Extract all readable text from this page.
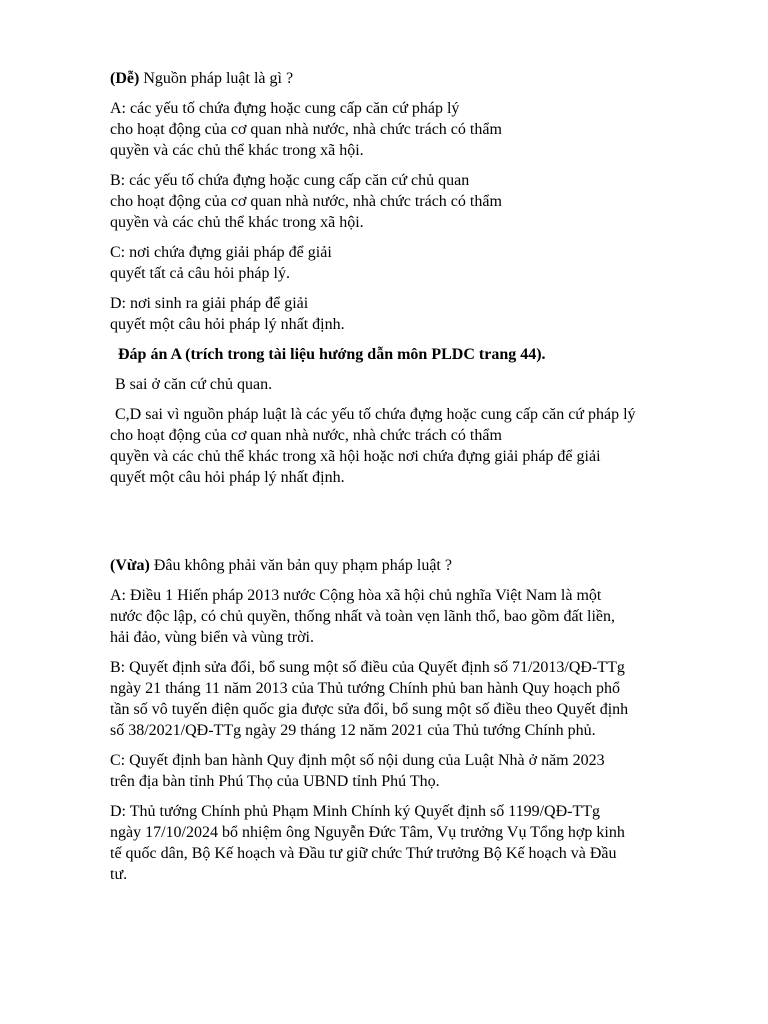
(Dễ) Nguồn pháp luật là gì ?

A: các yếu tố chứa đựng hoặc cung cấp căn cứ pháp lý
cho hoạt động của cơ quan nhà nước, nhà chức trách có thẩm
quyền và các chủ thể khác trong xã hội.

B: các yếu tố chứa đựng hoặc cung cấp căn cứ chủ quan
cho hoạt động của cơ quan nhà nước, nhà chức trách có thẩm
quyền và các chủ thể khác trong xã hội.

C: nơi chứa đựng giải pháp để giải
quyết tất cả câu hỏi pháp lý.

D: nơi sinh ra giải pháp để giải
quyết một câu hỏi pháp lý nhất định.

Đáp án A (trích trong tài liệu hướng dẫn môn PLDC trang 44).

B sai ở căn cứ chủ quan.

C,D sai vì nguồn pháp luật là các yếu tố chứa đựng hoặc cung cấp căn cứ pháp lý

cho hoạt động của cơ quan nhà nước, nhà chức trách có thẩm
quyền và các chủ thể khác trong xã hội hoặc nơi chứa đựng giải pháp để giải
quyết một câu hỏi pháp lý nhất định.

(Vừa) Đâu không phải văn bản quy phạm pháp luật ?

A: Điều 1 Hiến pháp 2013 nước Cộng hòa xã hội chủ nghĩa Việt Nam là một
nước độc lập, có chủ quyền, thống nhất và toàn vẹn lãnh thổ, bao gồm đất liền,
hải đảo, vùng biển và vùng trời.

B: Quyết định sửa đổi, bổ sung một số điều của Quyết định số 71/2013/QĐ-TTg
ngày 21 tháng 11 năm 2013 của Thủ tướng Chính phủ ban hành Quy hoạch phổ
tần số vô tuyến điện quốc gia được sửa đổi, bổ sung một số điều theo Quyết định
số 38/2021/QĐ-TTg ngày 29 tháng 12 năm 2021 của Thủ tướng Chính phủ.

C: Quyết định ban hành Quy định một số nội dung của Luật Nhà ở năm 2023
trên địa bàn tỉnh Phú Thọ của UBND tỉnh Phú Thọ.

D: Thủ tướng Chính phủ Phạm Minh Chính ký Quyết định số 1199/QĐ-TTg
ngày 17/10/2024 bổ nhiệm ông Nguyễn Đức Tâm, Vụ trưởng Vụ Tổng hợp kinh
tế quốc dân, Bộ Kế hoạch và Đầu tư giữ chức Thứ trưởng Bộ Kế hoạch và Đầu
tư.
